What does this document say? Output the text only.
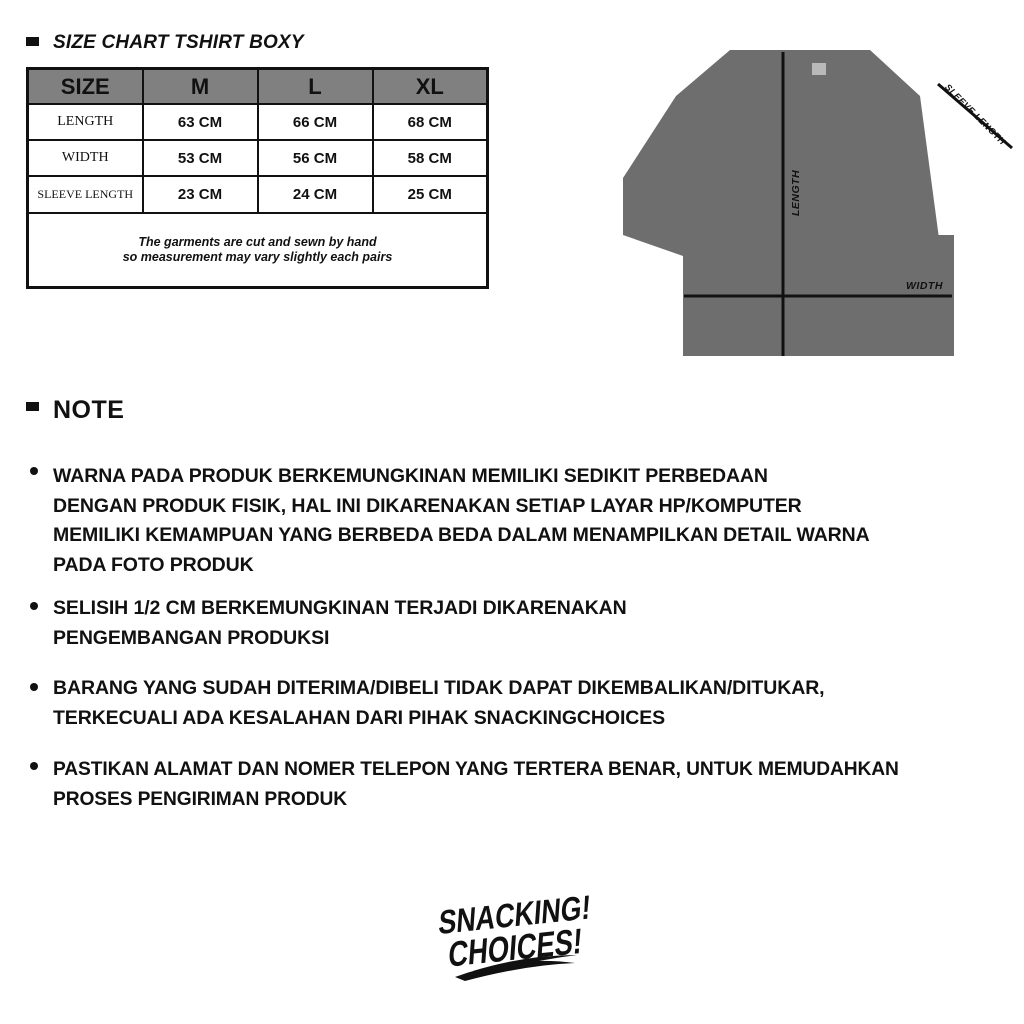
SIZE CHART TSHIRT BOXY
SIZE	M	L	XL
LENGTH	63 CM	66 CM	68 CM
WIDTH	53 CM	56 CM	58 CM
SLEEVE LENGTH	23 CM	24 CM	25 CM

The garments are cut and sewn by hand
so measurement may vary slightly each pairs			
LENGTH
WIDTH
SLEEVE LENGTH
NOTE
WARNA PADA PRODUK BERKEMUNGKINAN MEMILIKI SEDIKIT PERBEDAAN
DENGAN PRODUK FISIK, HAL INI DIKARENAKAN SETIAP LAYAR HP/KOMPUTER
MEMILIKI KEMAMPUAN YANG BERBEDA BEDA DALAM MENAMPILKAN DETAIL WARNA
PADA FOTO PRODUK
SELISIH 1/2 CM BERKEMUNGKINAN TERJADI DIKARENAKAN
PENGEMBANGAN PRODUKSI
BARANG YANG SUDAH DITERIMA/DIBELI TIDAK DAPAT DIKEMBALIKAN/DITUKAR,
TERKECUALI ADA KESALAHAN DARI PIHAK SNACKINGCHOICES
PASTIKAN ALAMAT DAN NOMER TELEPON YANG TERTERA BENAR, UNTUK MEMUDAHKAN
PROSES PENGIRIMAN PRODUK
SNACKING!
CHOICES!
